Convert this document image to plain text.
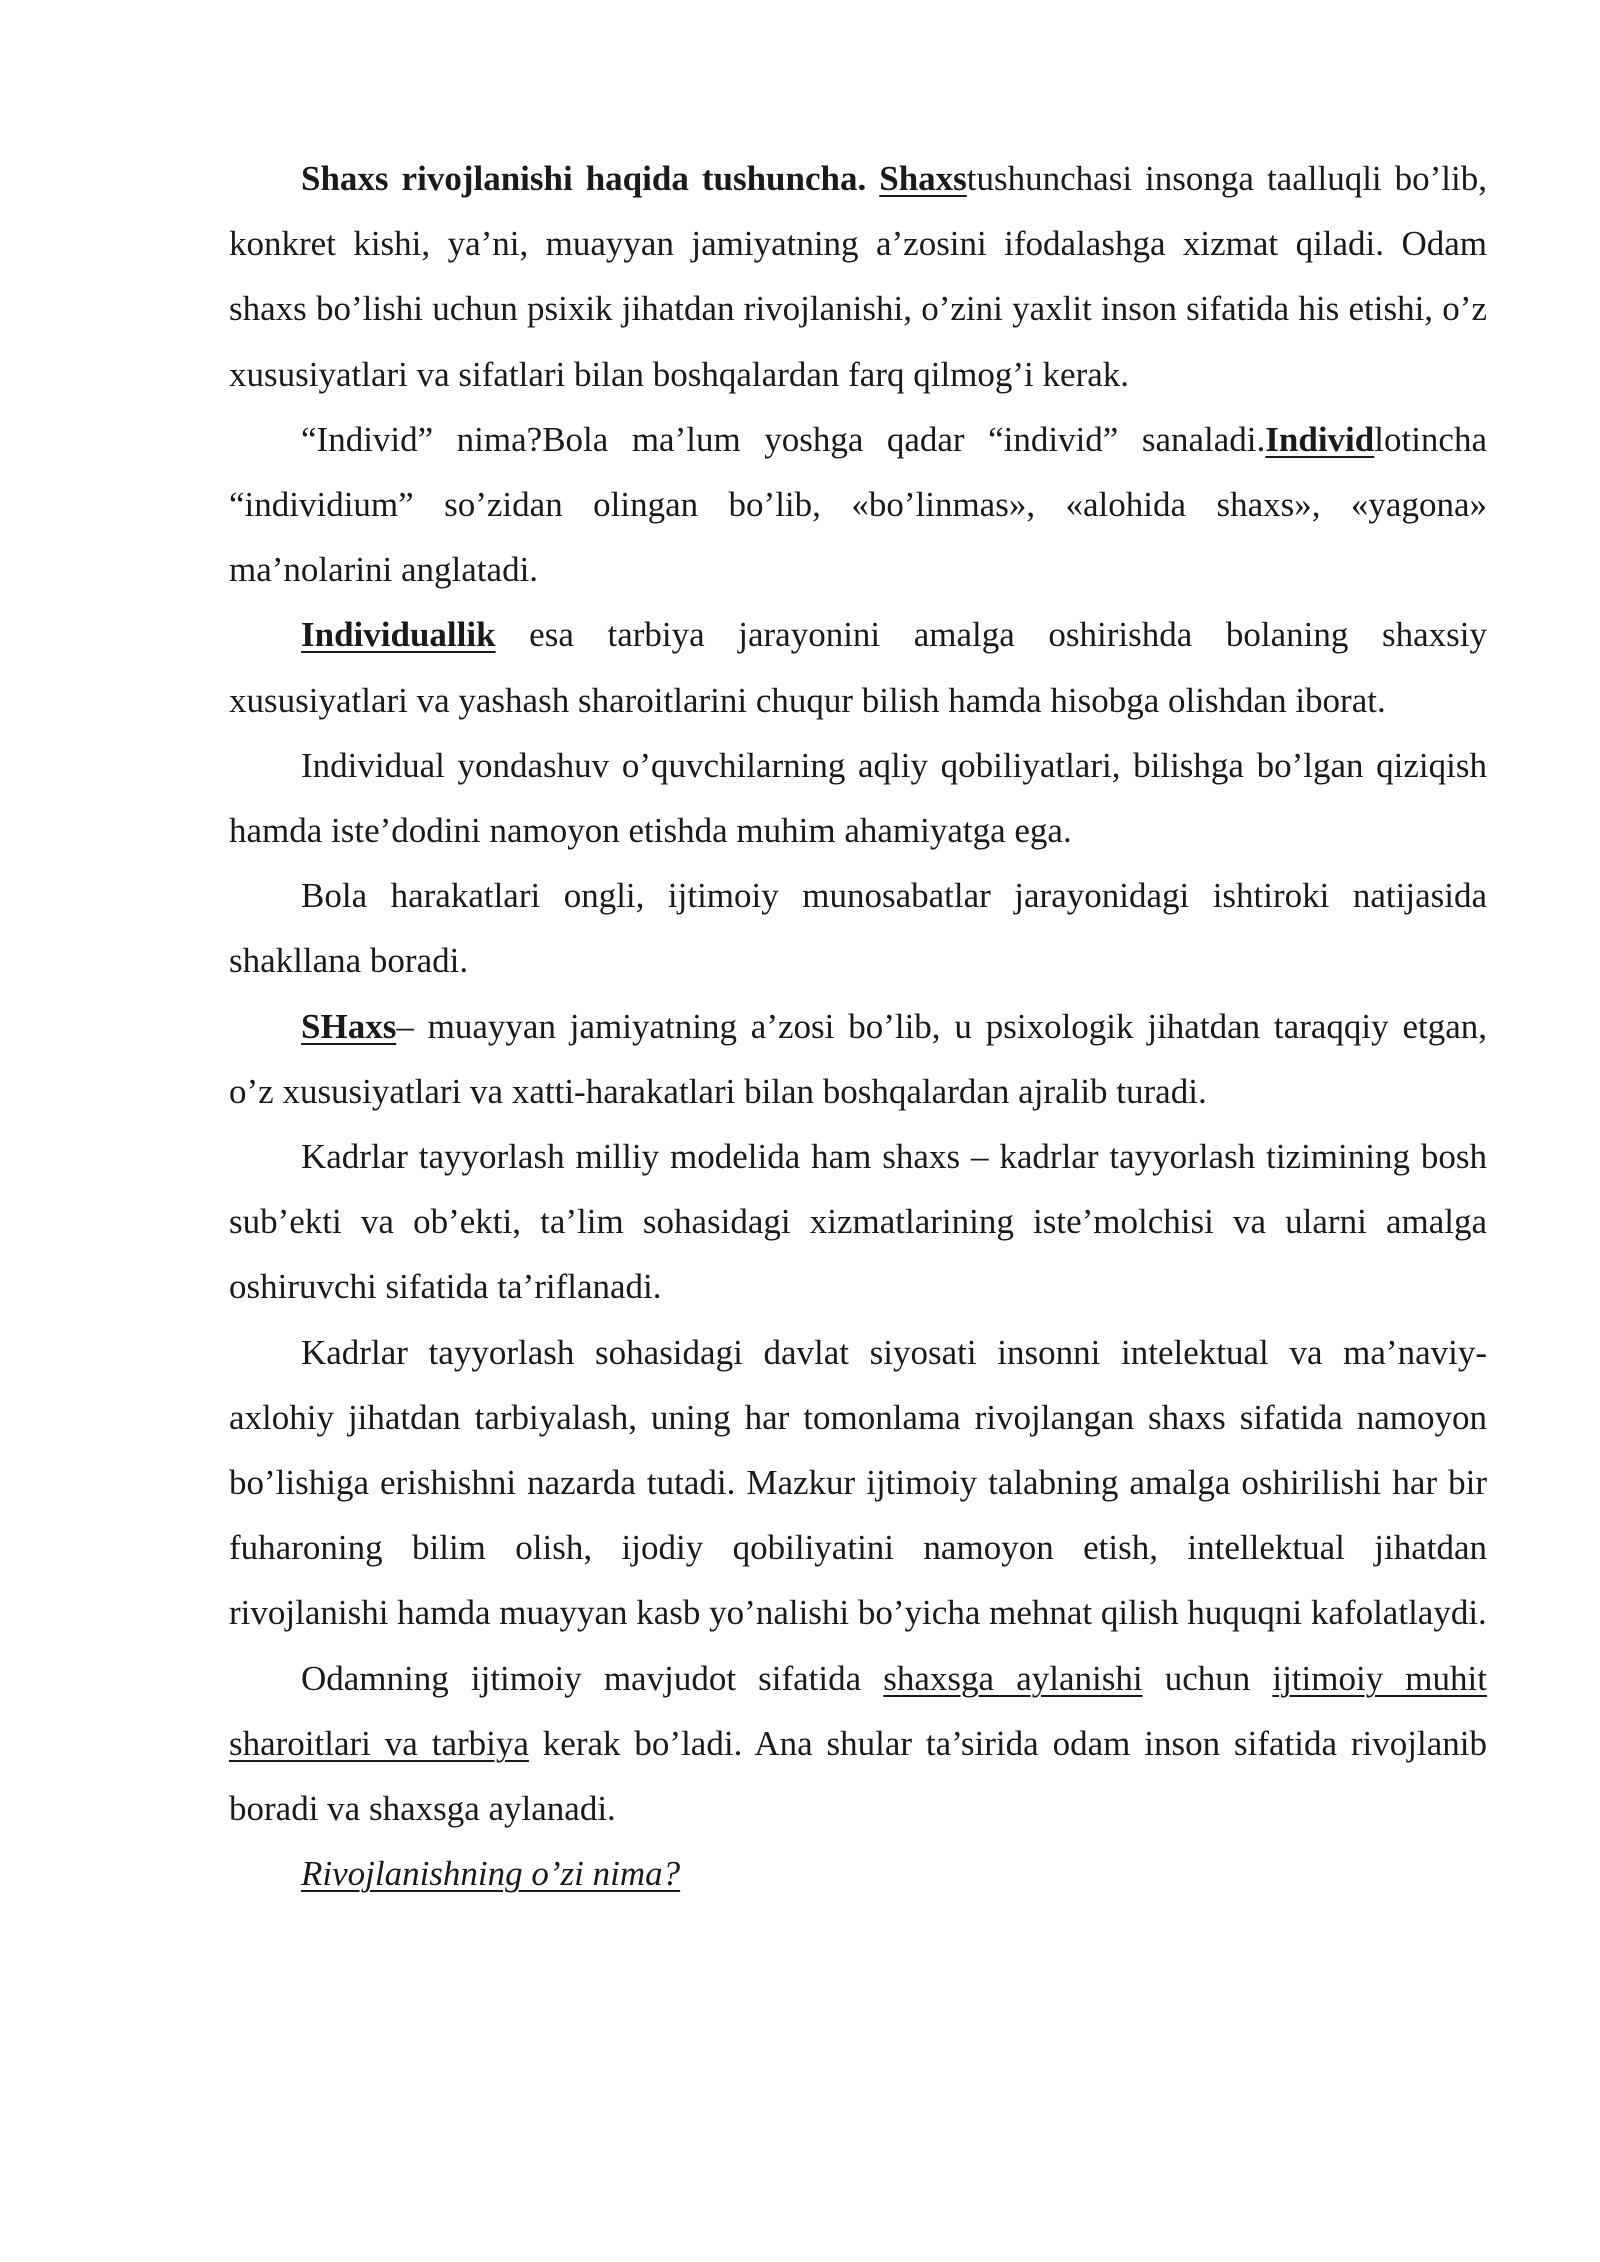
Shaxs rivojlanishi haqida tushuncha. Shaxstushunchasi insonga taalluqli bo’lib, konkret kishi, ya’ni, muayyan jamiyatning a’zosini ifodalashga xizmat qiladi. Odam shaxs bo’lishi uchun psixik jihatdan rivojlanishi, o’zini yaxlit inson sifatida his etishi, o’z xususiyatlari va sifatlari bilan boshqalardan farq qilmog’i kerak.

“Individ” nima?Bola ma’lum yoshga qadar “individ” sanaladi.Individlotincha “individium” so’zidan olingan bo’lib, «bo’linmas», «alohida shaxs», «yagona» ma’nolarini anglatadi.

Individuallik esa tarbiya jarayonini amalga oshirishda bolaning shaxsiy xususiyatlari va yashash sharoitlarini chuqur bilish hamda hisobga olishdan iborat.

Individual yondashuv o’quvchilarning aqliy qobiliyatlari, bilishga bo’lgan qiziqish hamda iste’dodini namoyon etishda muhim ahamiyatga ega.

Bola harakatlari ongli, ijtimoiy munosabatlar jarayonidagi ishtiroki natijasida shakllana boradi.

SHaxs– muayyan jamiyatning a’zosi bo’lib, u psixologik jihatdan taraqqiy etgan, o’z xususiyatlari va xatti-harakatlari bilan boshqalardan ajralib turadi.

Kadrlar tayyorlash milliy modelida ham shaxs – kadrlar tayyorlash tizimining bosh sub’ekti va ob’ekti, ta’lim sohasidagi xizmatlarining iste’molchisi va ularni amalga oshiruvchi sifatida ta’riflanadi.

Kadrlar tayyorlash sohasidagi davlat siyosati insonni intelektual va ma’naviy-axlohiy jihatdan tarbiyalash, uning har tomonlama rivojlangan shaxs sifatida namoyon bo’lishiga erishishni nazarda tutadi. Mazkur ijtimoiy talabning amalga oshirilishi har bir fuharoning bilim olish, ijodiy qobiliyatini namoyon etish, intellektual jihatdan rivojlanishi hamda muayyan kasb yo’nalishi bo’yicha mehnat qilish huquqni kafolatlaydi.

Odamning ijtimoiy mavjudot sifatida shaxsga aylanishi uchun ijtimoiy muhit sharoitlari va tarbiya kerak bo’ladi. Ana shular ta’sirida odam inson sifatida rivojlanib boradi va shaxsga aylanadi.

Rivojlanishning o’zi nima?
